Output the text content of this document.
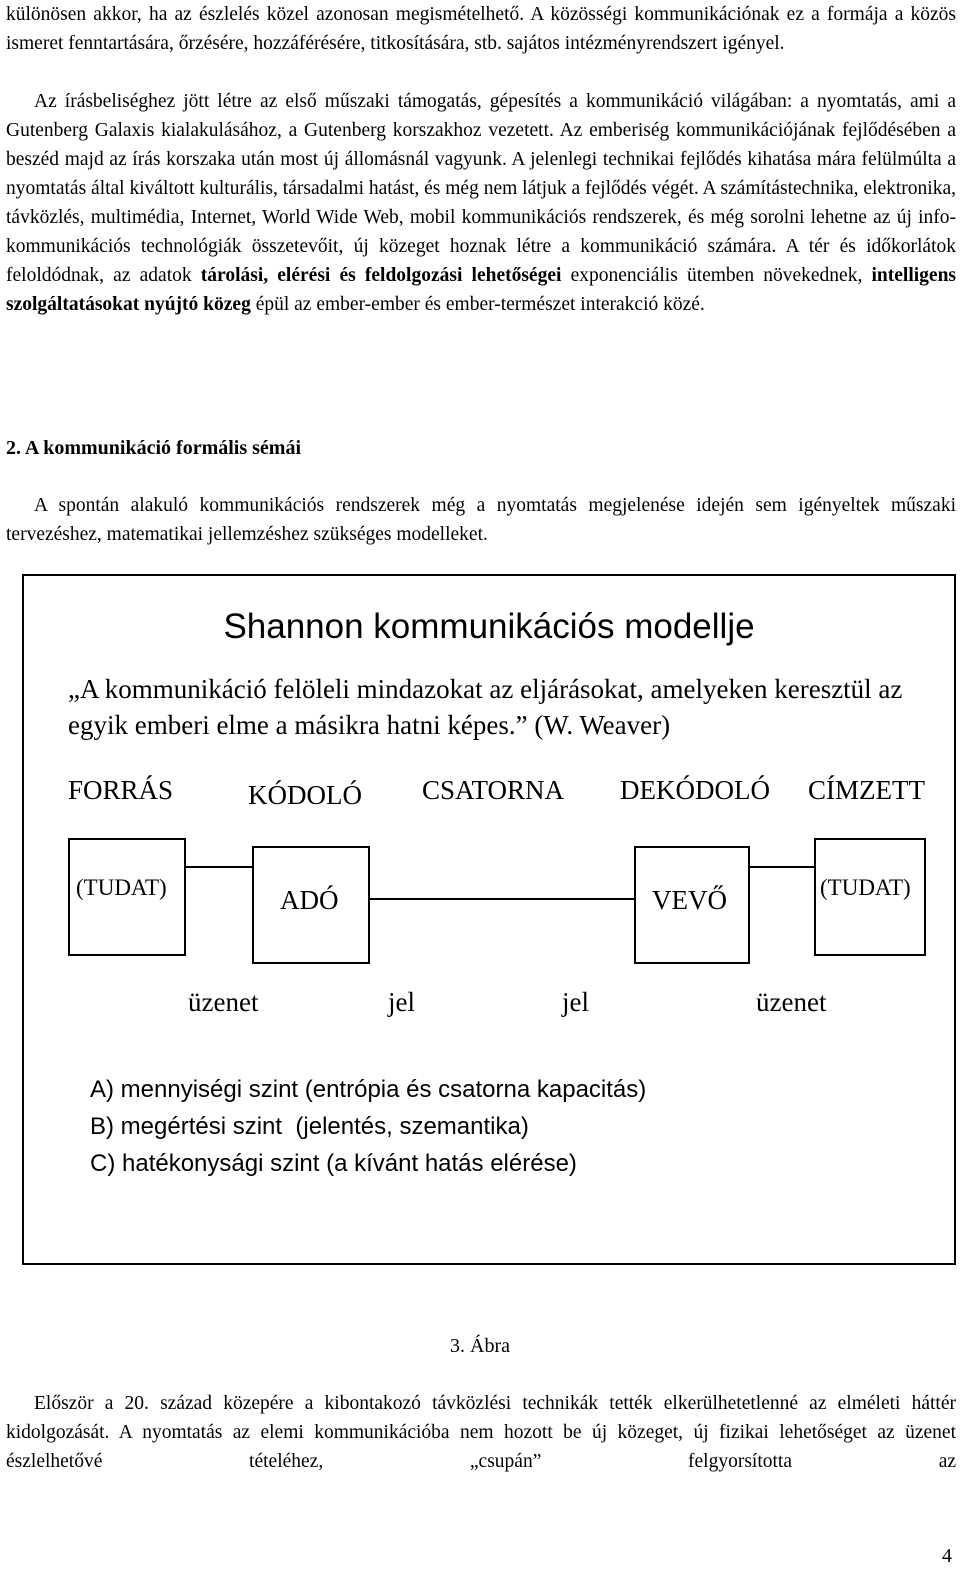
különösen akkor, ha az észlelés közel azonosan megismételhető. A közösségi kommunikációnak ez a formája a közös ismeret fenntartására, őrzésére, hozzáférésére, titkosítására, stb. sajátos intézményrendszert igényel.

Az írásbeliséghez jött létre az első műszaki támogatás, gépesítés a kommunikáció világában: a nyomtatás, ami a Gutenberg Galaxis kialakulásához, a Gutenberg korszakhoz vezetett. Az emberiség kommunikációjának fejlődésében a beszéd majd az írás korszaka után most új állomásnál vagyunk. A jelenlegi technikai fejlődés kihatása mára felülmúlta a nyomtatás által kiváltott kulturális, társadalmi hatást, és még nem látjuk a fejlődés végét. A számítástechnika, elektronika, távközlés, multimédia, Internet, World Wide Web, mobil kommunikációs rendszerek, és még sorolni lehetne az új info-kommunikációs technológiák összetevőit, új közeget hoznak létre a kommunikáció számára. A tér és időkorlátok feloldódnak, az adatok tárolási, elérési és feldolgozási lehetőségei exponenciális ütemben növekednek, intelligens szolgáltatásokat nyújtó közeg épül az ember-ember és ember-természet interakció közé.

2. A kommunikáció formális sémái

A spontán alakuló kommunikációs rendszerek még a nyomtatás megjelenése idején sem igényeltek műszaki tervezéshez, matematikai jellemzéshez szükséges modelleket.

Shannon kommunikációs modellje
„A kommunikáció felöleli mindazokat az eljárásokat, amelyeken keresztül az egyik emberi elme a másikra hatni képes.” (W. Weaver)
FORRÁS	KÓDOLÓ CSATORNA DEKÓDOLÓ CÍMZETT
(TUDAT)	ADÓ	VEVŐ	(TUDAT)
üzenet	jel	jel	üzenet
A) mennyiségi szint (entrópia és csatorna kapacitás)
B) megértési szint  (jelentés, szemantika)
C) hatékonysági szint (a kívánt hatás elérése)

3. Ábra

Először a 20. század közepére a kibontakozó távközlési technikák tették elkerülhetetlenné az elméleti háttér kidolgozását. A nyomtatás az elemi kommunikációba nem hozott be új közeget, új fizikai lehetőséget az üzenet észlelhetővé tételéhez, „csupán” felgyorsította az

4
